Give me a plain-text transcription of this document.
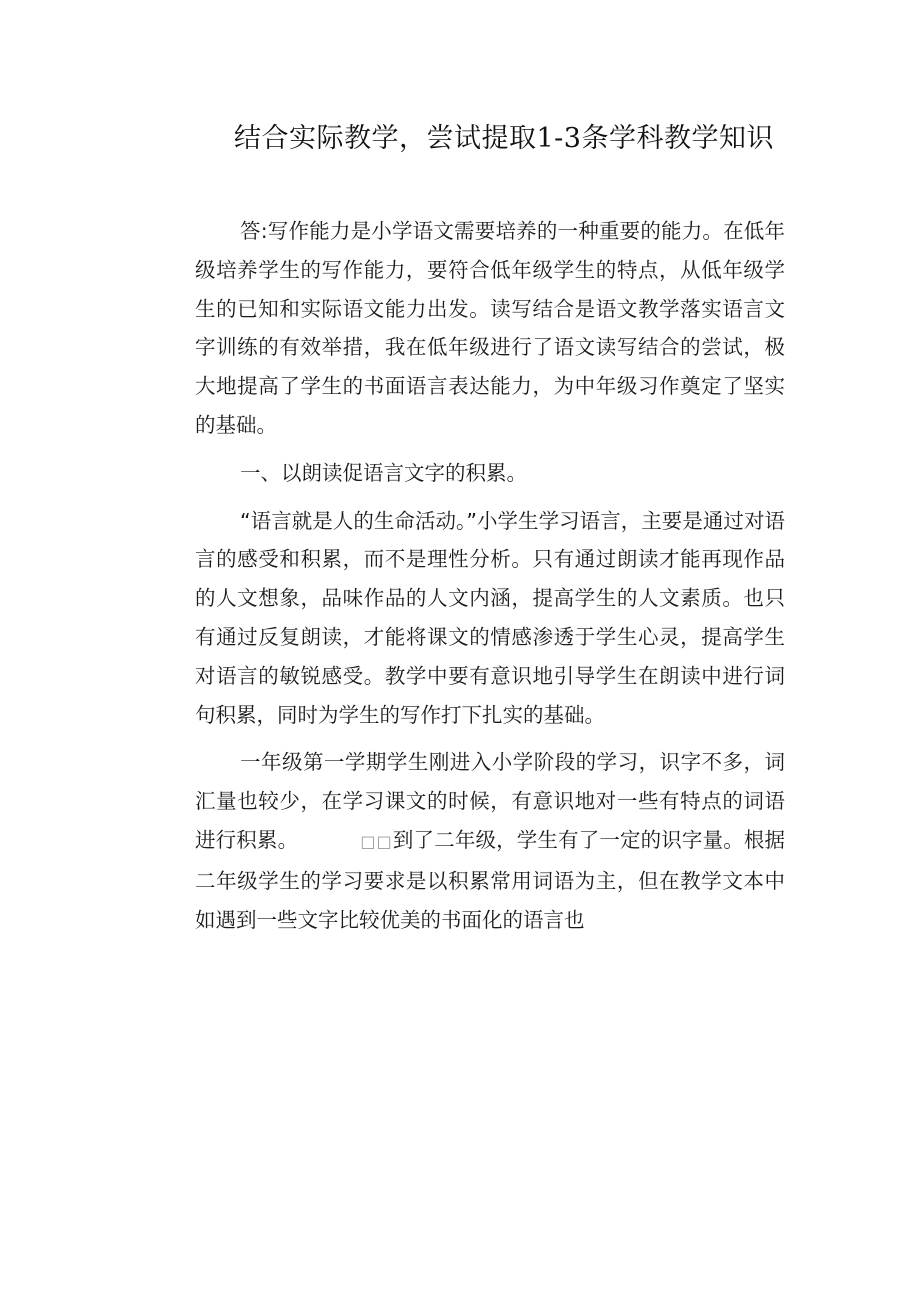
结合实际教学，尝试提取1-3条学科教学知识

答:写作能力是小学语文需要培养的一种重要的能力。在低年级培养学生的写作能力，要符合低年级学生的特点，从低年级学生的已知和实际语文能力出发。读写结合是语文教学落实语言文字训练的有效举措，我在低年级进行了语文读写结合的尝试，极大地提高了学生的书面语言表达能力，为中年级习作奠定了坚实的基础。

一、以朗读促语言文字的积累。

“语言就是人的生命活动。”小学生学习语言，主要是通过对语言的感受和积累，而不是理性分析。只有通过朗读才能再现作品的人文想象，品味作品的人文内涵，提高学生的人文素质。也只有通过反复朗读，才能将课文的情感渗透于学生心灵，提高学生对语言的敏锐感受。教学中要有意识地引导学生在朗读中进行词句积累，同时为学生的写作打下扎实的基础。

一年级第一学期学生刚进入小学阶段的学习，识字不多，词汇量也较少，在学习课文的时候，有意识地对一些有特点的词语进行积累。	□□到了二年级，学生有了一定的识字量。根据二年级学生的学习要求是以积累常用词语为主，但在教学文本中如遇到一些文字比较优美的书面化的语言也
